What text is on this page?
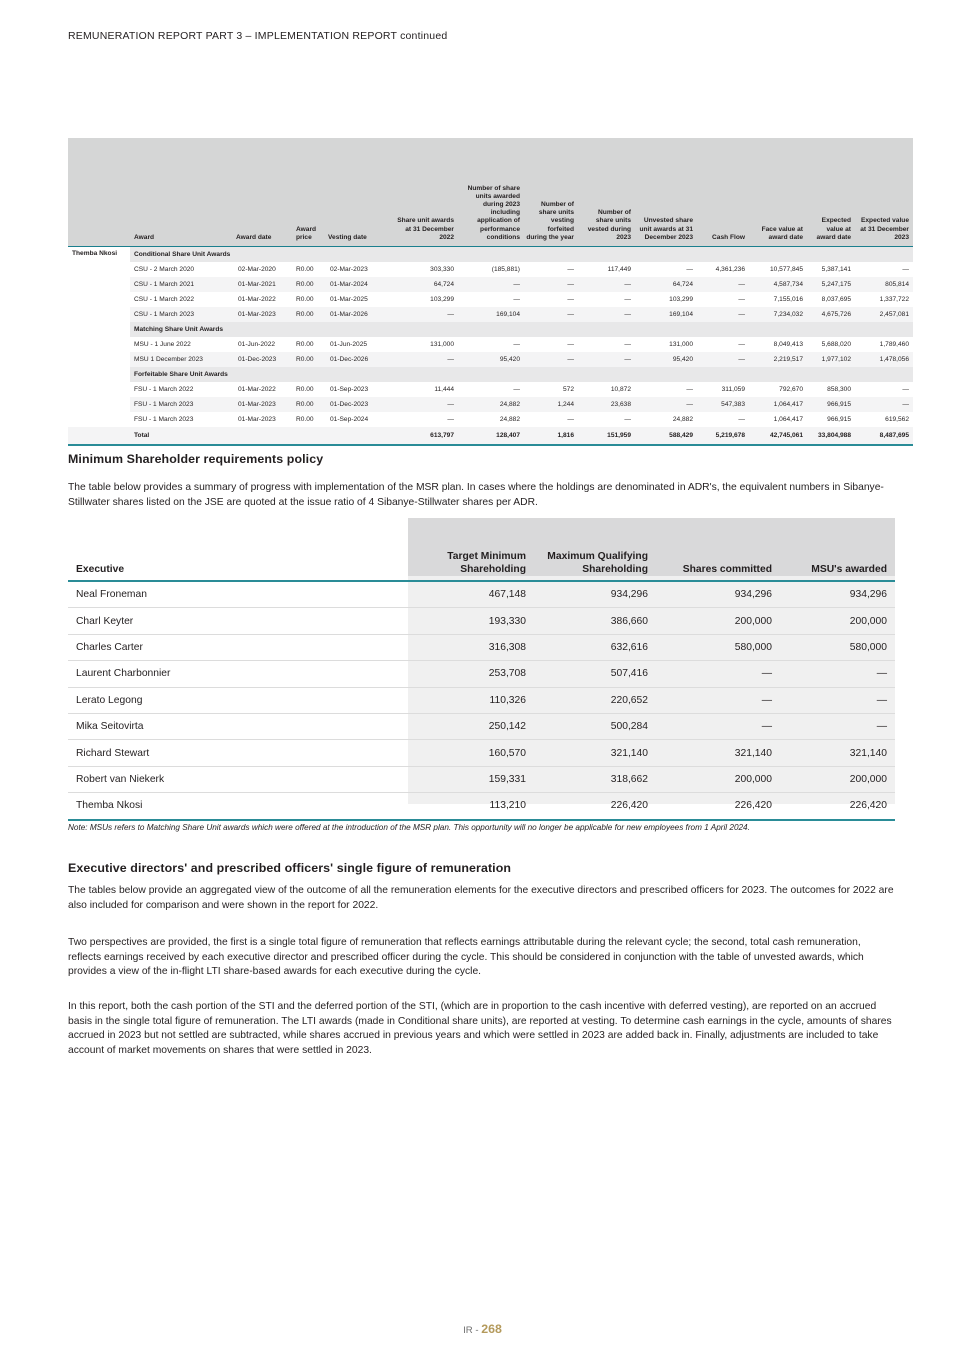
REMUNERATION REPORT PART 3 – IMPLEMENTATION REPORT continued
	Award	Award date	Award price	Vesting date	Share unit awards at 31 December 2022	Number of share units awarded during 2023 including application of performance conditions	Number of share units vesting forfeited during the year	Number of share units vested during 2023	Unvested share unit awards at 31 December 2023	Cash Flow	Face value at award date	Expected value at award date	Expected value at 31 December 2023
Themba Nkosi	Conditional Share Unit Awards												
	CSU - 2 March 2020	02-Mar-2020	R0.00	02-Mar-2023	303,330	(185,881)	—	117,449	—	4,361,236	10,577,845	5,387,141	—
	CSU - 1 March 2021	01-Mar-2021	R0.00	01-Mar-2024	64,724	—	—	—	64,724	—	4,587,734	5,247,175	805,814
	CSU - 1 March 2022	01-Mar-2022	R0.00	01-Mar-2025	103,299	—	—	—	103,299	—	7,155,016	8,037,695	1,337,722
	CSU - 1 March 2023	01-Mar-2023	R0.00	01-Mar-2026	—	169,104	—	—	169,104	—	7,234,032	4,675,726	2,457,081
	Matching Share Unit Awards												
	MSU - 1 June 2022	01-Jun-2022	R0.00	01-Jun-2025	131,000	—	—	—	131,000	—	8,049,413	5,688,020	1,789,460
	MSU 1 December 2023	01-Dec-2023	R0.00	01-Dec-2026	—	95,420	—	—	95,420	—	2,219,517	1,977,102	1,478,056
	Forfeitable Share Unit Awards												
	FSU - 1 March 2022	01-Mar-2022	R0.00	01-Sep-2023	11,444	—	572	10,872	—	311,059	792,670	858,300	—
	FSU - 1 March 2023	01-Mar-2023	R0.00	01-Dec-2023	—	24,882	1,244	23,638	—	547,383	1,064,417	966,915	—
	FSU - 1 March 2023	01-Mar-2023	R0.00	01-Sep-2024	—	24,882	—	—	24,882	—	1,064,417	966,915	619,562
	Total				613,797	128,407	1,816	151,959	588,429	5,219,678	42,745,061	33,804,988	8,487,695
Minimum Shareholder requirements policy

The table below provides a summary of progress with implementation of the MSR plan. In cases where the holdings are denominated in ADR's, the equivalent numbers in Sibanye-Stillwater shares listed on the JSE are quoted at the issue ratio of 4 Sibanye-Stillwater shares per ADR.

Executive	Target Minimum Shareholding	Maximum Qualifying Shareholding	Shares committed	MSU's awarded
Neal Froneman	467,148	934,296	934,296	934,296
Charl Keyter	193,330	386,660	200,000	200,000
Charles Carter	316,308	632,616	580,000	580,000
Laurent Charbonnier	253,708	507,416	—	—
Lerato Legong	110,326	220,652	—	—
Mika Seitovirta	250,142	500,284	—	—
Richard Stewart	160,570	321,140	321,140	321,140
Robert van Niekerk	159,331	318,662	200,000	200,000
Themba Nkosi	113,210	226,420	226,420	226,420

Note: MSUs refers to Matching Share Unit awards which were offered at the introduction of the MSR plan. This opportunity will no longer be applicable for new employees from 1 April 2024.

Executive directors' and prescribed officers' single figure of remuneration

The tables below provide an aggregated view of the outcome of all the remuneration elements for the executive directors and prescribed officers for 2023. The outcomes for 2022 are also included for comparison and were shown in the report for 2022.

Two perspectives are provided, the first is a single total figure of remuneration that reflects earnings attributable during the relevant cycle; the second, total cash remuneration, reflects earnings received by each executive director and prescribed officer during the cycle. This should be considered in conjunction with the table of unvested awards, which provides a view of the in-flight LTI share-based awards for each executive during the cycle.

In this report, both the cash portion of the STI and the deferred portion of the STI, (which are in proportion to the cash incentive with deferred vesting), are reported on an accrued basis in the single total figure of remuneration. The LTI awards (made in Conditional share units), are reported at vesting. To determine cash earnings in the cycle, amounts of shares accrued in 2023 but not settled are subtracted, while shares accrued in previous years and which were settled in 2023 are added back in. Finally, adjustments are included to take account of market movements on shares that were settled in 2023.

IR - 268
